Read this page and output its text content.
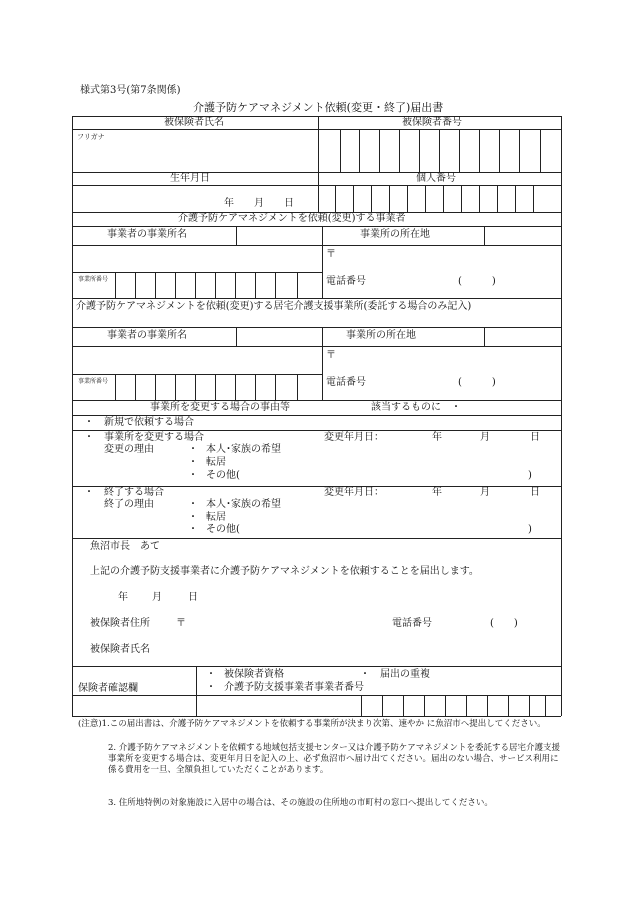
様式第3号(第7条関係)
介護予防ケアマネジメント依頼(変更・終了)届出書
被保険者氏名	被保険者番号
フリガナ
生年月日	個人番号
年　　月　　日
介護予防ケアマネジメントを依頼(変更)する事業者
事業者の事業所名	事業所の所在地
〒
事業所番号	電話番号	(　　　)
介護予防ケアマネジメントを依頼(変更)する居宅介護支援事業所(委託する場合のみ記入)
事業者の事業所名	事業所の所在地
〒
事業所番号	電話番号	(　　　)
事業所を変更する場合の事由等	該当するものに　・
・ 新規で依頼する場合
・ 事業所を変更する場合	変更年月日：	年	月	日
変更の理由	・ 本人･家族の希望
・ 転居
・ その他(	)
・ 終了する場合	変更年月日：	年	月	日
終了の理由	・ 本人･家族の希望
・ 転居
・ その他(	)
魚沼市長　あて
上記の介護予防支援事業者に介護予防ケアマネジメントを依頼することを届出します。
年 月	日
被保険者住所	〒	電話番号	(　　)
被保険者氏名
保険者確認欄
・ 被保険者資格	・ 届出の重複
・ 介護予防支援事業者事業者番号
(注意)1.この届出書は、介護予防ケアマネジメントを依頼する事業所が決まり次第、速やか に魚沼市へ提出してください。
2. 介護予防ケアマネジメントを依頼する地域包括支援センター又は介護予防ケアマネジメントを委託する居宅介護支援事業所を変更する場合は、変更年月日を記入の上、必ず魚沼市へ届け出てください。届出のない場合、サービス利用に係る費用を一旦、全額負担していただくことがあります。
3. 住所地特例の対象施設に入居中の場合は、その施設の住所地の市町村の窓口へ提出してください。
